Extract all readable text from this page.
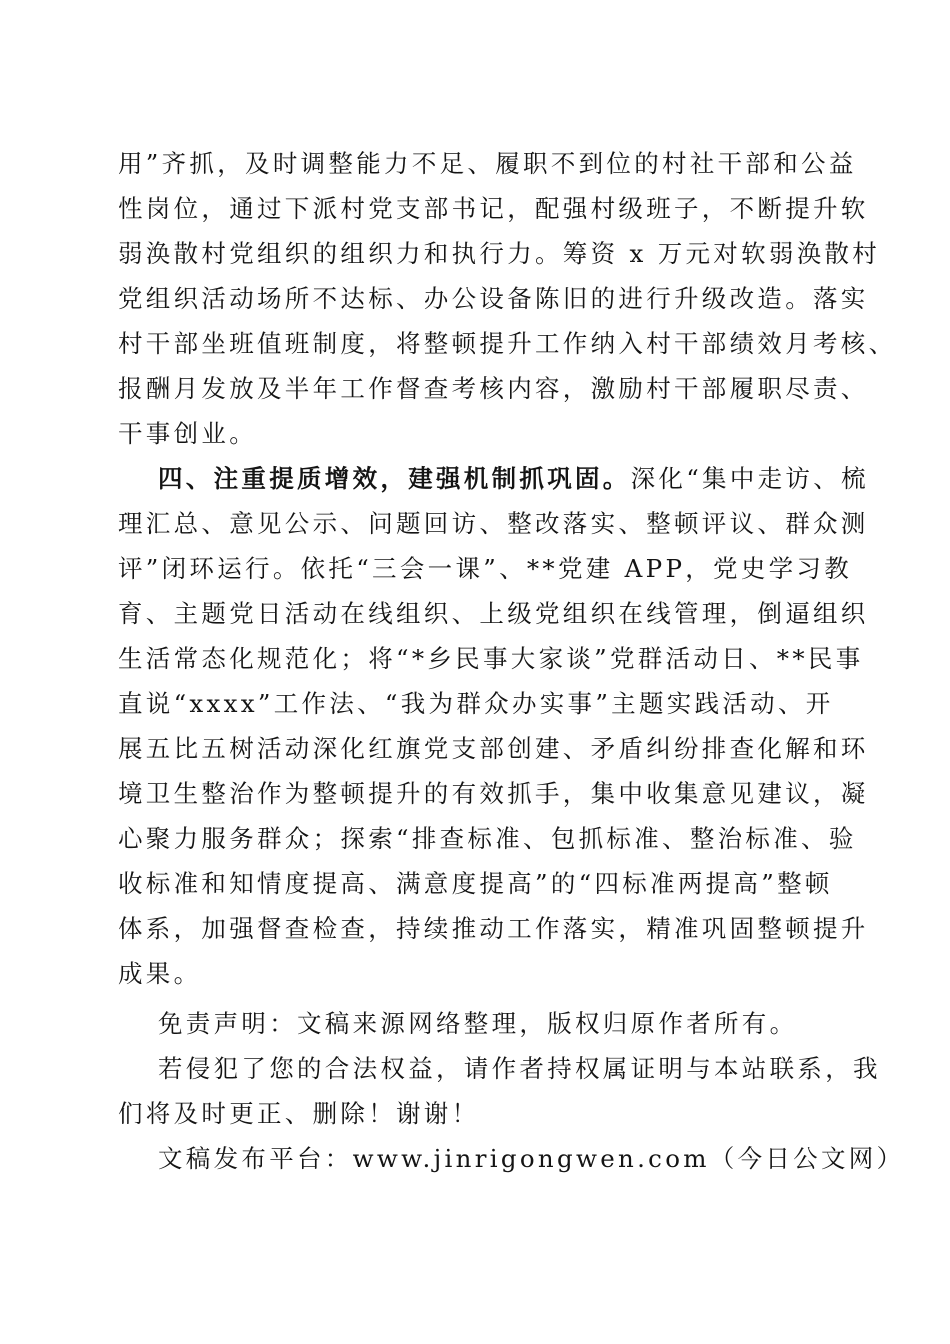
用”齐抓，及时调整能力不足、履职不到位的村社干部和公益
性岗位，通过下派村党支部书记，配强村级班子，不断提升软
弱涣散村党组织的组织力和执行力。筹资 x 万元对软弱涣散村
党组织活动场所不达标、办公设备陈旧的进行升级改造。落实
村干部坐班值班制度，将整顿提升工作纳入村干部绩效月考核、
报酬月发放及半年工作督查考核内容，激励村干部履职尽责、
干事创业。
四、注重提质增效，建强机制抓巩固。深化“集中走访、梳
理汇总、意见公示、问题回访、整改落实、整顿评议、群众测
评”闭环运行。依托“三会一课”、**党建 APP，党史学习教
育、主题党日活动在线组织、上级党组织在线管理，倒逼组织
生活常态化规范化；将“*乡民事大家谈”党群活动日、**民事
直说“xxxx”工作法、“我为群众办实事”主题实践活动、开
展五比五树活动深化红旗党支部创建、矛盾纠纷排查化解和环
境卫生整治作为整顿提升的有效抓手，集中收集意见建议，凝
心聚力服务群众；探索“排查标准、包抓标准、整治标准、验
收标准和知情度提高、满意度提高”的“四标准两提高”整顿
体系，加强督查检查，持续推动工作落实，精准巩固整顿提升
成果。
免责声明：文稿来源网络整理，版权归原作者所有。
若侵犯了您的合法权益，请作者持权属证明与本站联系，我
们将及时更正、删除！谢谢！
文稿发布平台：www.jinrigongwen.com（今日公文网）
